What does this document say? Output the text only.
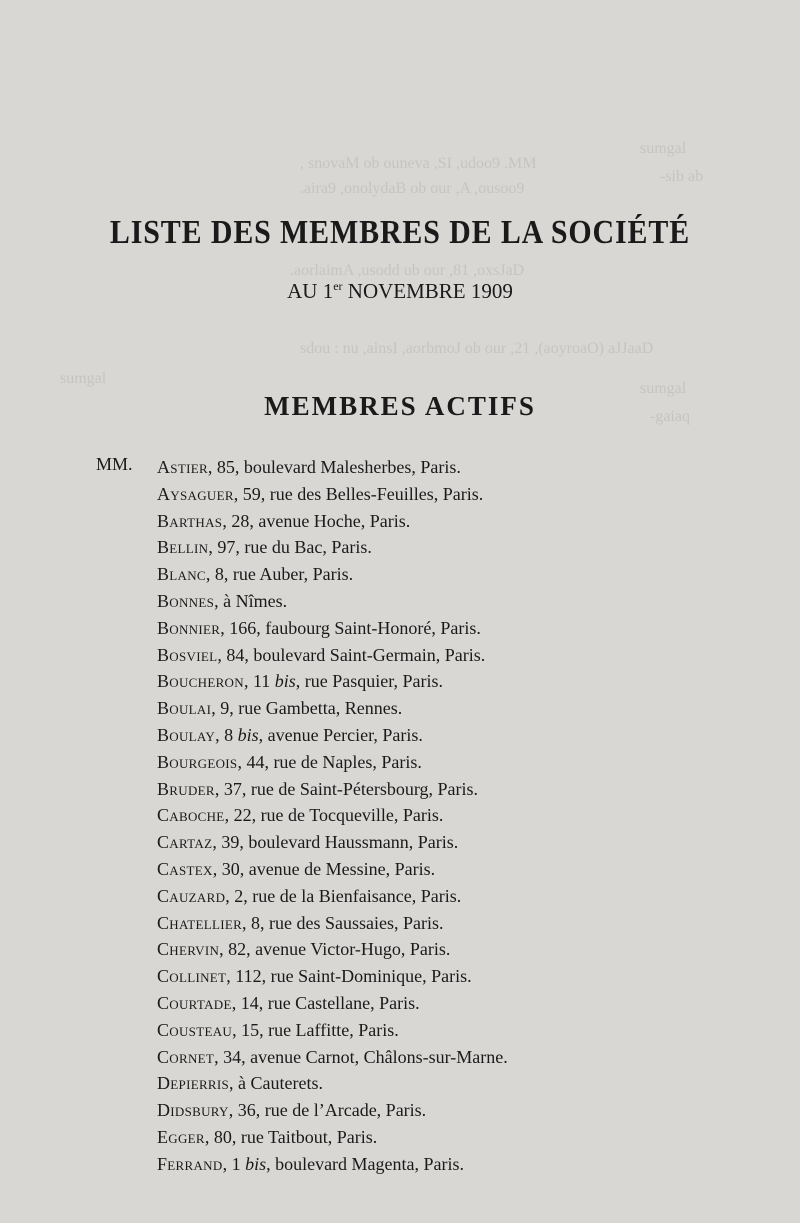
sumgal
-sib ab
, snovaM ob ouneva ,SI ,udoo9 .MM
.aira9 ,onolydaB ob our ,A ,ousoo9
.aorlaimA ,usodd ub our ,81 ,oxsJaD
sdou : nu ,ainsI ,aorbmoJ ob our ,21 ,(aoyroaO) aJJaaD
sumgal
sumgal
-gaiaq
LISTE DES MEMBRES DE LA SOCIÉTÉ
AU 1er NOVEMBRE 1909
MEMBRES ACTIFS
MM. Astier, 85, boulevard Malesherbes, Paris.
Aysaguer, 59, rue des Belles-Feuilles, Paris.
Barthas, 28, avenue Hoche, Paris.
Bellin, 97, rue du Bac, Paris.
Blanc, 8, rue Auber, Paris.
Bonnes, à Nîmes.
Bonnier, 166, faubourg Saint-Honoré, Paris.
Bosviel, 84, boulevard Saint-Germain, Paris.
Boucheron, 11 bis, rue Pasquier, Paris.
Boulai, 9, rue Gambetta, Rennes.
Boulay, 8 bis, avenue Percier, Paris.
Bourgeois, 44, rue de Naples, Paris.
Bruder, 37, rue de Saint-Pétersbourg, Paris.
Caboche, 22, rue de Tocqueville, Paris.
Cartaz, 39, boulevard Haussmann, Paris.
Castex, 30, avenue de Messine, Paris.
Cauzard, 2, rue de la Bienfaisance, Paris.
Chatellier, 8, rue des Saussaies, Paris.
Chervin, 82, avenue Victor-Hugo, Paris.
Collinet, 112, rue Saint-Dominique, Paris.
Courtade, 14, rue Castellane, Paris.
Cousteau, 15, rue Laffitte, Paris.
Cornet, 34, avenue Carnot, Châlons-sur-Marne.
Depierris, à Cauterets.
Didsbury, 36, rue de l’Arcade, Paris.
Egger, 80, rue Taitbout, Paris.
Ferrand, 1 bis, boulevard Magenta, Paris.
